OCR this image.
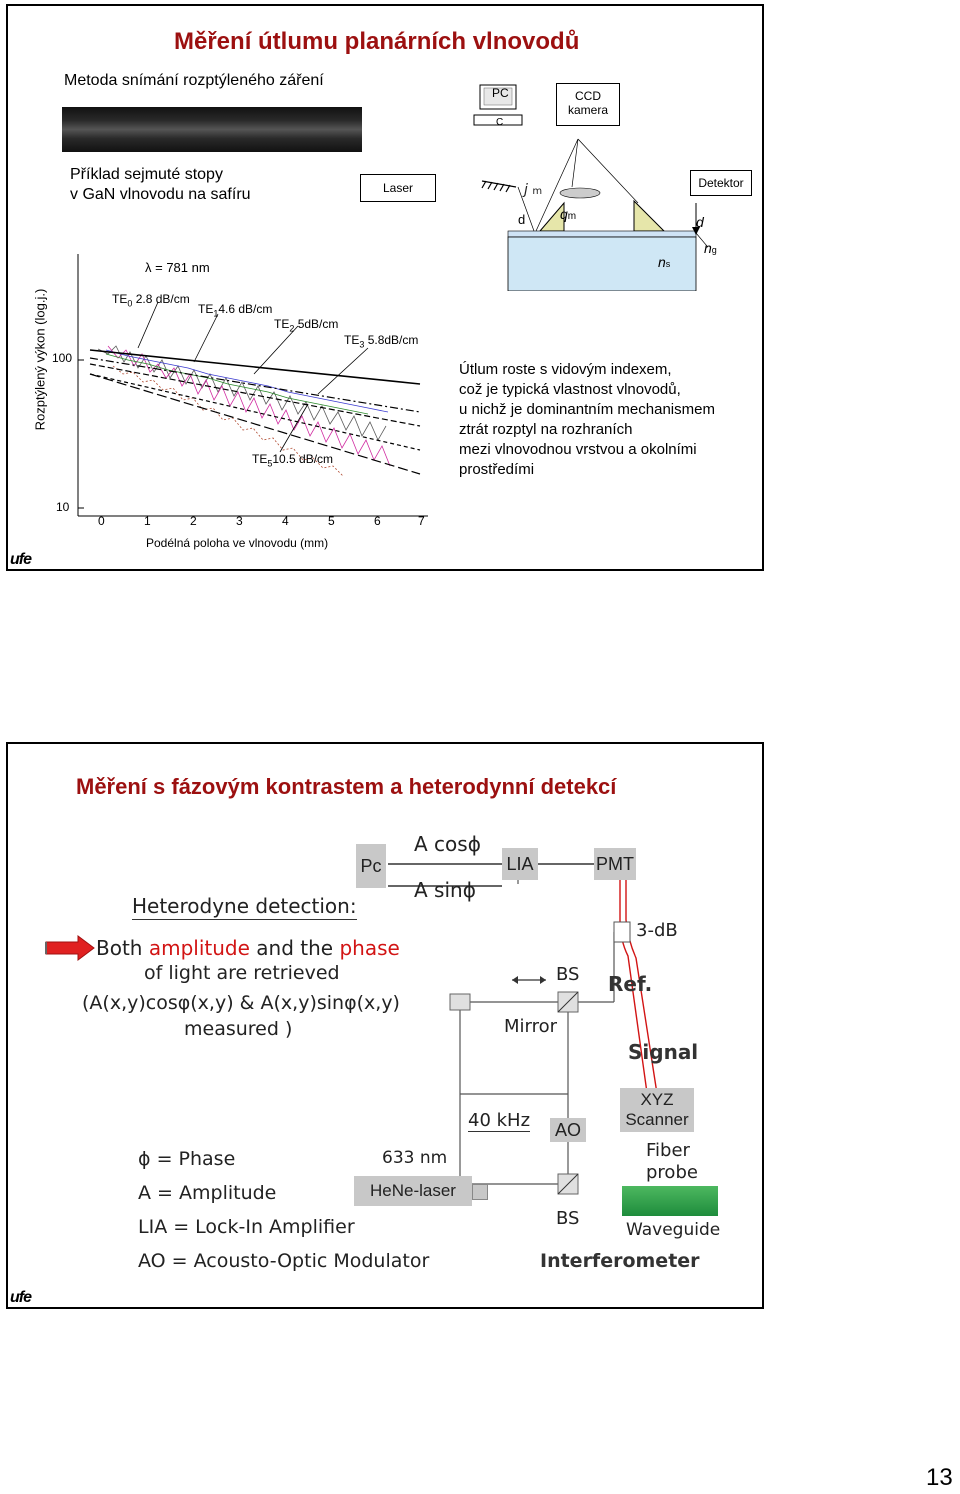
Měření útlumu planárních vlnovodů
Metoda snímání rozptýleného záření
PC
C
CCD
kamera
Příklad sejmuté stopy
v GaN vlnovodu na safíru	Laser	Detektor
j m
d qm	d
ns
ng
λ = 781 nm
Rozptýlený výkon (log.j.) 100
10
$TE_0$ 2.8 dB/cm
$TE_14.6$ dB/cm
$TE_2$ 5dB/cm
$TE_3$ 5.8dB/cm
$TE_510.5$ dB/cm
0	1	2	3	4	5	6	7
Podélná poloha ve vlnovodu (mm)
Útlum roste s vidovým indexem,
což je typická vlastnost vlnovodů,
u nichž je dominantním mechanismem
ztrát rozptyl na rozhraních
mezi vlnovodnou vrstvou a okolními
prostředími
ufe
Měření s fázovým kontrastem a heterodynní detekcí
Pc
A cosϕ
A sinϕ
LIA	PMT
3-dB
Heterodyne detection:
Both amplitude and the phase
of light are retrieved
(A(x,y)cosφ(x,y) & A(x,y)sinφ(x,y)
measured )
BS Ref.
Mirror
Signal
XYZ
Scanner
40 kHz AO
Fiber
probe
633 nm
HeNe-laser
BS
Waveguide
Interferometer
ϕ = Phase
A = Amplitude
LIA = Lock-In Amplifier
AO = Acousto-Optic Modulator
ufe
13
